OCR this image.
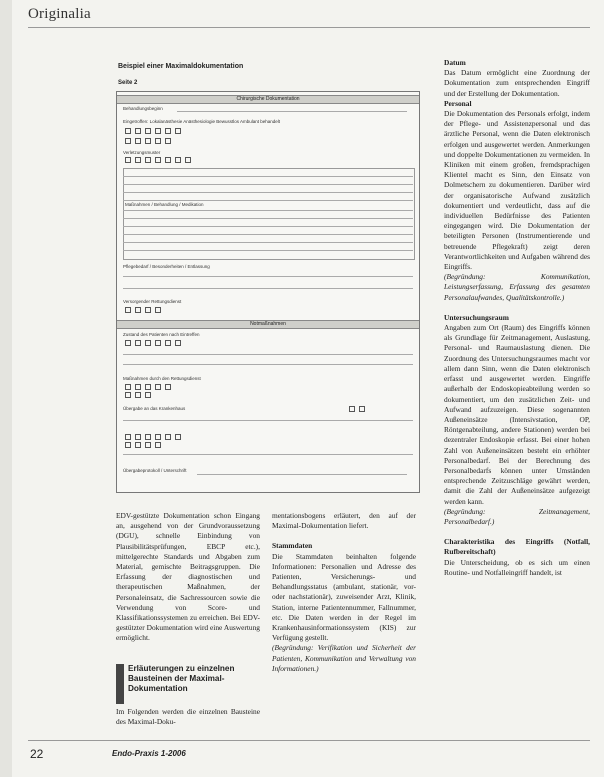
Originalia
Beispiel einer Maximaldokumentation
Seite 2
Chirurgische Dokumentation
Behandlungsbeginn
Eingetroffen: Lokalanästhesie Anästhesiologie Bewusstlos Ambulant behandelt
Verletzungsmuster
Maßnahmen / Behandlung / Medikation
Pflegebedarf / Besonderheiten / Entlassung
Versorgender Rettungsdienst
Notmaßnahmen
Zustand des Patienten nach Eintreffen
Maßnahmen durch den Rettungsdienst
Übergabe an das Krankenhaus
Übergabeprotokoll / Unterschrift

EDV-gestützte Dokumentation schon Eingang an, ausgehend von der Grundvoraussetzung (DGU), schnelle Einbindung von Plausibilitätsprüfungen, EBCP etc.), mittelgerechte Standards und Abgaben zum Material, gemischte Beitragsgruppen. Die Erfassung der diagnostischen und therapeutischen Maßnahmen, der Personaleinsatz, die Sachressourcen sowie die Verwendung von Score- und Klassifikationssystemen zu erreichen. Bei EDV-gestützter Dokumentation wird eine Auswertung ermöglicht.

Erläuterungen zu einzelnen Bausteinen der Maximal-Dokumentation

Im Folgenden werden die einzelnen Bausteine des Maximal-Doku-

mentationsbogens erläutert, den auf der Maximal-Dokumentation liefert.

Stammdaten

Die Stammdaten beinhalten folgende Informationen: Personalien und Adresse des Patienten, Versicherungs- und Behandlungsstatus (ambulant, stationär, vor- oder nachstationär), zuweisender Arzt, Klinik, Station, interne Patientennummer, Fallnummer, etc. Die Daten werden in der Regel im Krankenhausinformationssystem (KIS) zur Verfügung gestellt.

(Begründung: Verifikation und Sicherheit der Patienten, Kommunikation und Verwaltung von Informationen.)

Datum

Das Datum ermöglicht eine Zuordnung der Dokumentation zum entsprechenden Eingriff und der Erstellung der Dokumentation.

Personal

Die Dokumentation des Personals erfolgt, indem der Pflege- und Assistenzpersonal und das ärztliche Personal, wenn die Daten elektronisch erfolgen und ausgewertet werden. Anmerkungen und doppelte Dokumentationen zu vermeiden. In Kliniken mit einem großen, fremdsprachigen Klientel macht es Sinn, den Einsatz von Dolmetschern zu dokumentieren. Darüber wird der organisatorische Aufwand zusätzlich dokumentiert und verdeutlicht, dass auf die individuellen Bedürfnisse des Patienten eingegangen wird. Die Dokumentation der beteiligten Personen (Instrumentierende und betreuende Pflegekraft) zeigt deren Verantwortlichkeiten und Aufgaben während des Eingriffs.

(Begründung: Kommunikation, Leistungserfassung, Erfassung des gesamten Personalaufwandes, Qualitätskontrolle.)

Untersuchungsraum

Angaben zum Ort (Raum) des Eingriffs können als Grundlage für Zeitmanagement, Auslastung, Personal- und Raumauslastung dienen. Die Zuordnung des Untersuchungsraumes macht vor allem dann Sinn, wenn die Daten elektronisch erfasst und ausgewertet werden. Eingriffe außerhalb der Endoskopieabteilung werden so dokumentiert, um den zusätzlichen Zeit- und Aufwand aufzuzeigen. Diese sogenannten Außeneinsätze (Intensivstation, OP, Röntgenabteilung, andere Stationen) werden bei dezentraler Endoskopie erfasst. Bei einer hohen Zahl von Außeneinsätzen besteht ein erhöhter Personalbedarf. Bei der Berechnung des Personalbedarfs können unter Umständen entsprechende Zeitzuschläge gewährt werden, damit die Zahl der Außeneinsätze aufgezeigt werden kann.

(Begründung: Zeitmanagement, Personalbedarf.)

Charakteristika des Eingriffs (Notfall, Rufbereitschaft)

Die Unterscheidung, ob es sich um einen Routine- und Notfalleingriff handelt, ist

22	Endo-Praxis 1-2006
